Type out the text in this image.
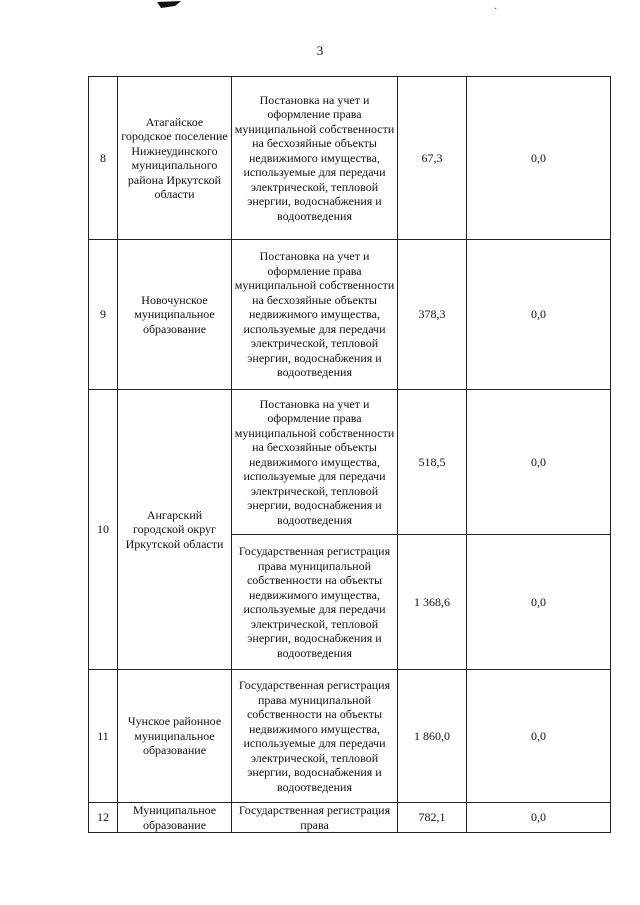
·
3
8	Атагайское городское поселение Нижнеудинского муниципального района Иркутской области	Постановка на учет и оформление права муниципальной собственности на бесхозяйные объекты недвижимого имущества, используемые для передачи электрической, тепловой энергии, водоснабжения и водоотведения	67,3	0,0
9	Новочунское муниципальное образование	Постановка на учет и оформление права муниципальной собственности на бесхозяйные объекты недвижимого имущества, используемые для передачи электрической, тепловой энергии, водоснабжения и водоотведения	378,3	0,0
10	Ангарский городской округ Иркутской области	Постановка на учет и оформление права муниципальной собственности на бесхозяйные объекты недвижимого имущества, используемые для передачи электрической, тепловой энергии, водоснабжения и водоотведения	518,5	0,0
		Государственная регистрация права муниципальной собственности на объекты недвижимого имущества, используемые для передачи электрической, тепловой энергии, водоснабжения и водоотведения	1 368,6	0,0
11	Чунское районное муниципальное образование	Государственная регистрация права муниципальной собственности на объекты недвижимого имущества, используемые для передачи электрической, тепловой энергии, водоснабжения и водоотведения	1 860,0	0,0
12	Муниципальное образование	Государственная регистрация права	782,1	0,0
